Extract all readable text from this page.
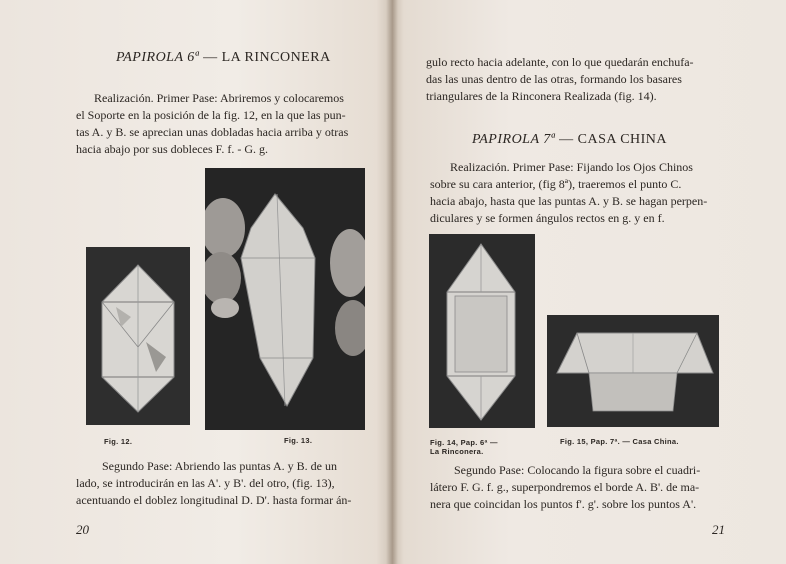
PAPIROLA 6ª — LA RINCONERA
Realización. Primer Pase: Abriremos y colocaremos
el Soporte en la posición de la fig. 12, en la que las pun-
tas A. y B. se aprecian unas dobladas hacia arriba y otras
hacia abajo por sus dobleces F. f. - G. g.
Fig. 12.	Fig. 13.
Segundo Pase: Abriendo las puntas A. y B. de un
lado, se introducirán en las A'. y B'. del otro, (fig. 13),
acentuando el doblez longitudinal D. D'. hasta formar án-
20
gulo recto hacia adelante, con lo que quedarán enchufa-
das las unas dentro de las otras, formando los basares
triangulares de la Rinconera Realizada (fig. 14).
PAPIROLA 7ª — CASA CHINA
Realización. Primer Pase: Fijando los Ojos Chinos
sobre su cara anterior, (fig 8ª), traeremos el punto C.
hacia abajo, hasta que las puntas A. y B. se hagan perpen-
diculares y se formen ángulos rectos en g. y en f.
Fig. 14, Pap. 6ª —
La Rinconera.
Fig. 15, Pap. 7ª. — Casa China.
Segundo Pase: Colocando la figura sobre el cuadri-
látero F. G. f. g., superpondremos el borde A. B'. de ma-
nera que coincidan los puntos f'. g'. sobre los puntos A'.
21
